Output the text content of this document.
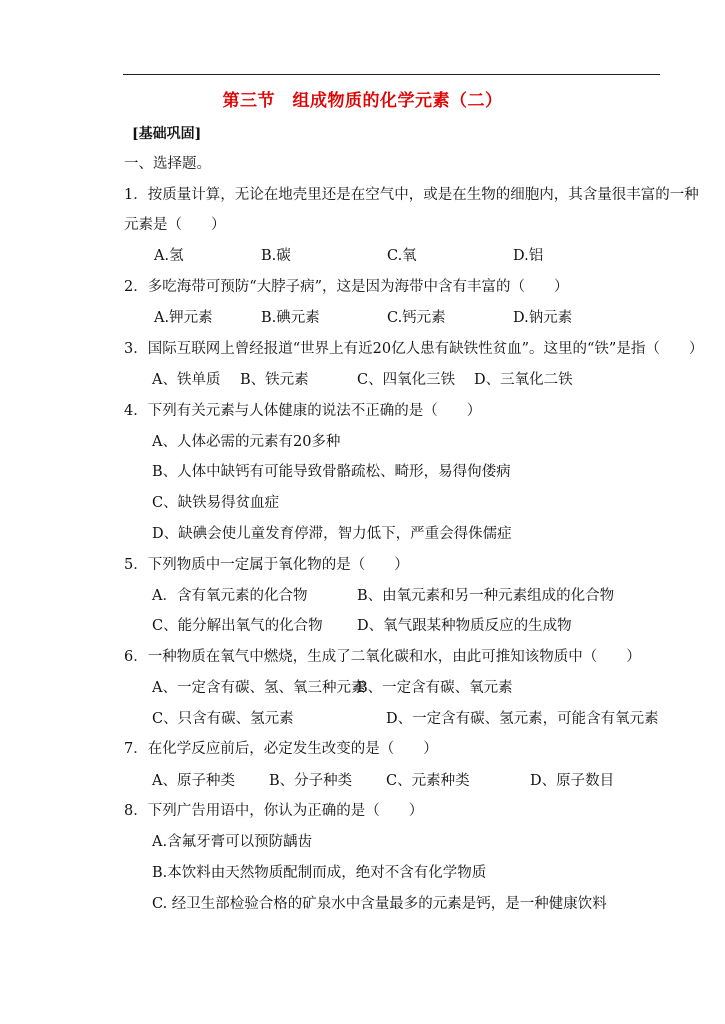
第三节　组成物质的化学元素（二）
[基础巩固]
一、选择题。
1．按质量计算，无论在地壳里还是在空气中，或是在生物的细胞内，其含量很丰富的一种
元素是（　　）
A.氢	B.碳	C.氧	D.铝
2．多吃海带可预防“大脖子病”，这是因为海带中含有丰富的（　　）
A.钾元素	B.碘元素	C.钙元素	D.钠元素
3．国际互联网上曾经报道“世界上有近20亿人患有缺铁性贫血”。这里的“铁”是指（　　）
A、铁单质 B、铁元素	C、四氧化三铁 D、三氧化二铁
4．下列有关元素与人体健康的说法不正确的是（　　）
A、人体必需的元素有20多种
B、人体中缺钙有可能导致骨骼疏松、畸形，易得佝偻病
C、缺铁易得贫血症
D、缺碘会使儿童发育停滞，智力低下，严重会得侏儒症
5．下列物质中一定属于氧化物的是（　　）
A．含有氧元素的化合物	B、由氧元素和另一种元素组成的化合物
C、能分解出氧气的化合物 D、氧气跟某种物质反应的生成物
6．一种物质在氧气中燃烧，生成了二氧化碳和水，由此可推知该物质中（　　）
A、一定含有碳、氢、氧三种元素
B、一定含有碳、氧元素
C、只含有碳、氢元素	D、一定含有碳、氢元素，可能含有氧元素
7．在化学反应前后，必定发生改变的是（　　）
A、原子种类 B、分子种类 C、元素种类	D、原子数目
8．下列广告用语中，你认为正确的是（　　）
A.含氟牙膏可以预防龋齿
B.本饮料由天然物质配制而成，绝对不含有化学物质
C. 经卫生部检验合格的矿泉水中含量最多的元素是钙，是一种健康饮料
